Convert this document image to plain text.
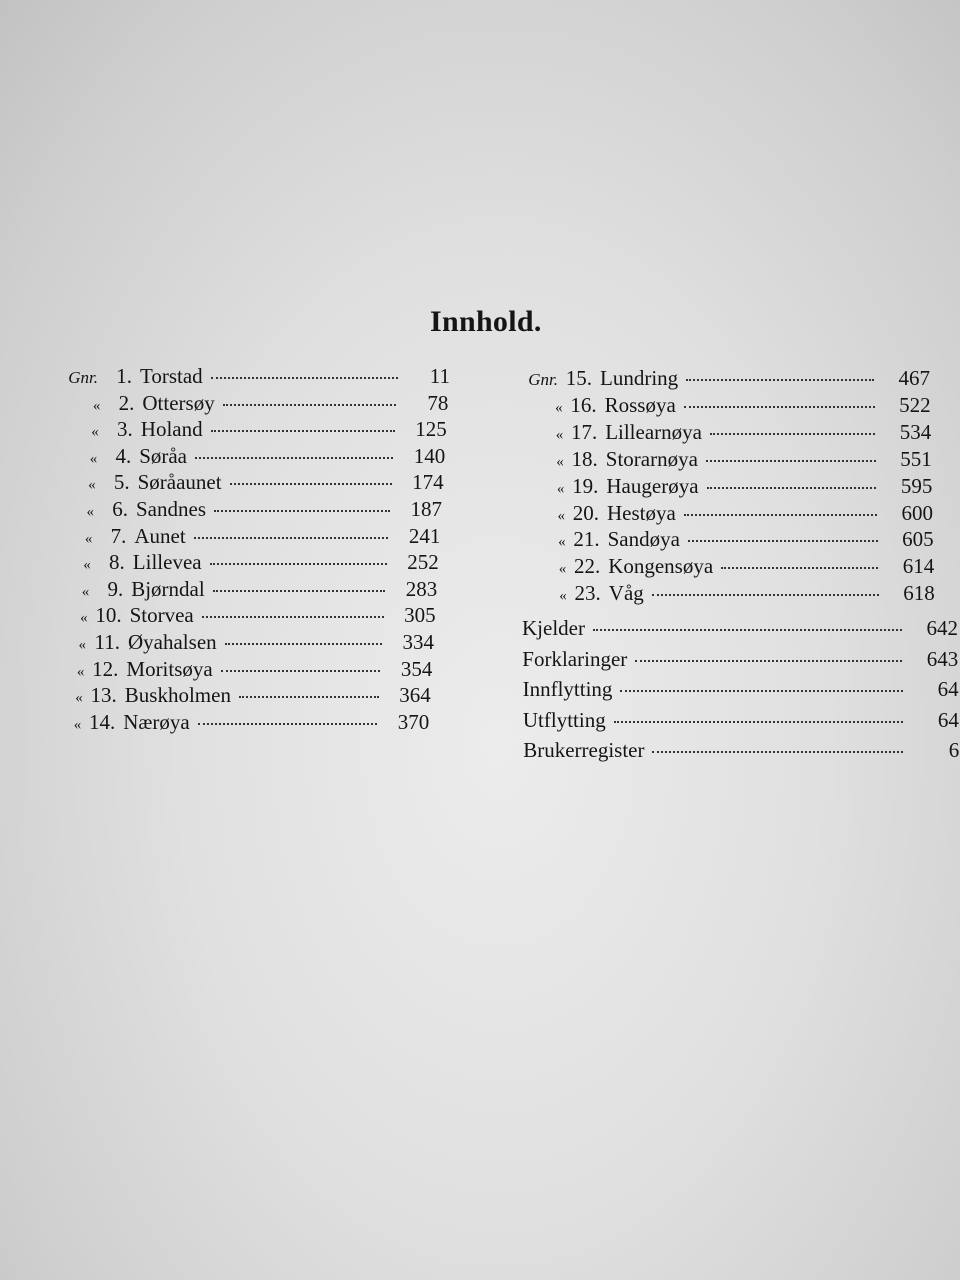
Innhold.
Gnr. 1. Torstad	11
« 2. Ottersøy	78
« 3. Holand	125
« 4. Søråa	140
« 5. Søråaunet	174
« 6. Sandnes	187
« 7. Aunet	241
« 8. Lillevea	252
« 9. Bjørndal	283
« 10. Storvea	305
« 11. Øyahalsen	334
« 12. Moritsøya	354
« 13. Buskholmen	364
« 14. Nærøya	370
Gnr. 15. Lundring	467
« 16. Rossøya	522
« 17. Lillearnøya	534
« 18. Storarnøya	551
« 19. Haugerøya	595
« 20. Hestøya	600
« 21. Sandøya	605
« 22. Kongensøya	614
« 23. Våg	618
Kjelder	642
Forklaringer	643
Innflytting	64
Utflytting	64
Brukerregister	6
